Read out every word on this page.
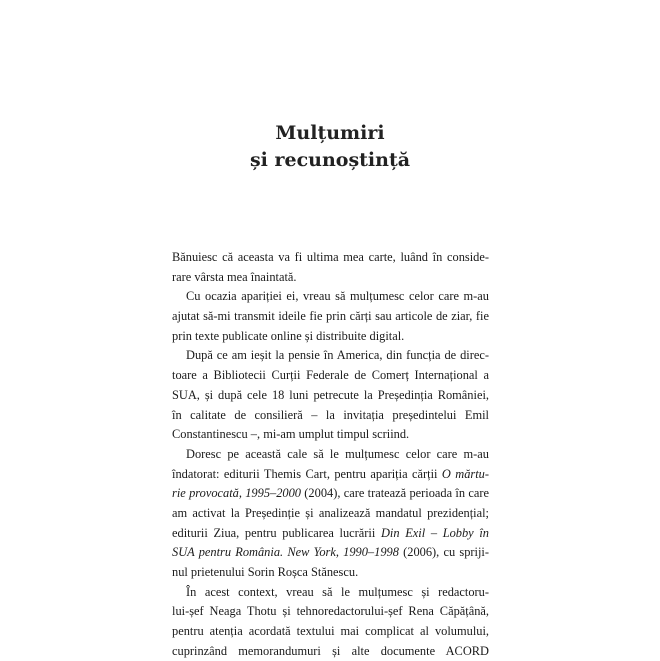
Mulțumiri
și recunoștință
Bănuiesc că aceasta va fi ultima mea carte, luând în conside-
rare vârsta mea înaintată.
Cu ocazia apariției ei, vreau să mulțumesc celor care m-au
ajutat să-mi transmit ideile fie prin cărți sau articole de ziar, fie
prin texte publicate online și distribuite digital.
După ce am ieșit la pensie în America, din funcția de direc-
toare a Bibliotecii Curții Federale de Comerț Internațional a
SUA, și după cele 18 luni petrecute la Președinția României,
în calitate de consilieră – la invitația președintelui Emil
Constantinescu –, mi-am umplut timpul scriind.
Doresc pe această cale să le mulțumesc celor care m-au
îndatorat: editurii Themis Cart, pentru apariția cărții O mărtu-
rie provocată, 1995–2000 (2004), care tratează perioada în care
am activat la Președinție și analizează mandatul prezidențial;
editurii Ziua, pentru publicarea lucrării Din Exil – Lobby în
SUA pentru România. New York, 1990–1998 (2006), cu spriji-
nul prietenului Sorin Roșca Stănescu.
În acest context, vreau să le mulțumesc și redactoru-
lui-șef Neaga Thotu și tehnoredactorului-șef Rena Căpățână,
pentru atenția acordată textului mai complicat al volumului,
cuprinzând memorandumuri și alte documente ACORD
